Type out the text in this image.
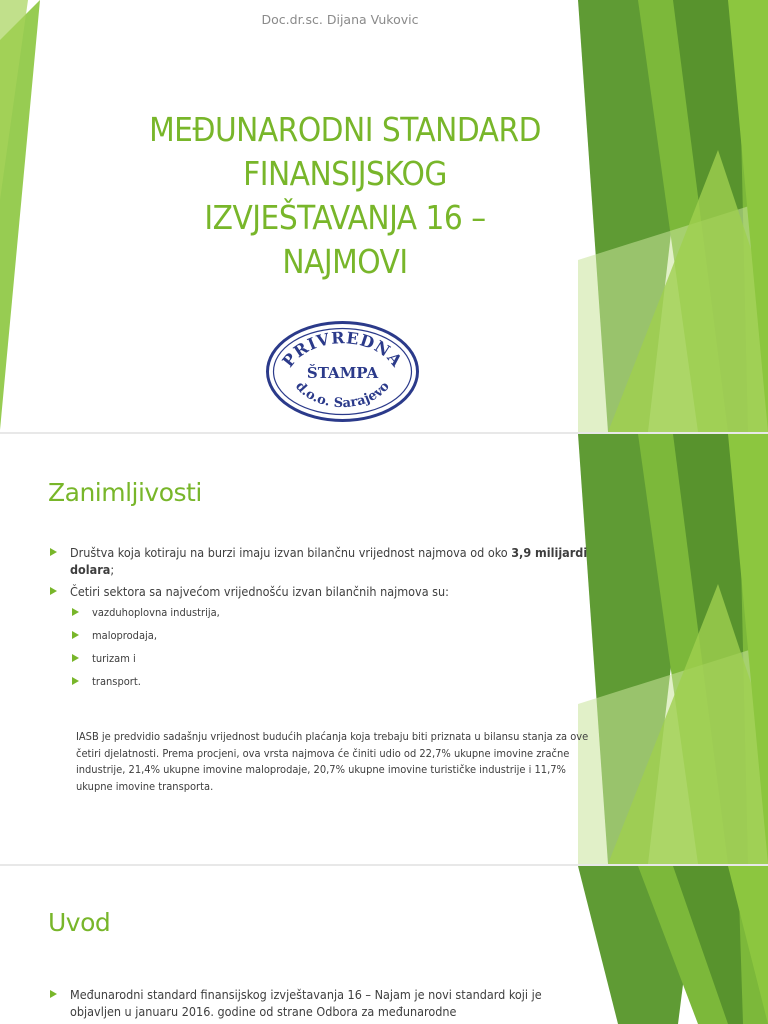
Doc.dr.sc. Dijana Vukovic
MEĐUNARODNI STANDARD
FINANSIJSKOG
IZVJEŠTAVANJA 16 –
NAJMOVI
PRIVREDNA
ŠTAMPA
d.o.o. Sarajevo
Zanimljivosti
Društva koja kotiraju na burzi imaju izvan bilančnu vrijednost najmova od oko 3,9 milijardi dolara;
Četiri sektora sa najvećom vrijednošću izvan bilančnih najmova su:
vazduhoplovna industrija,
maloprodaja,
turizam i
transport.

IASB je predvidio sadašnju vrijednost budućih plaćanja koja trebaju biti priznata u bilansu stanja za ove četiri djelatnosti. Prema procjeni, ova vrsta najmova će činiti udio od 22,7% ukupne imovine zračne industrije, 21,4% ukupne imovine maloprodaje, 20,7% ukupne imovine turističke industrije i 11,7% ukupne imovine transporta.

Uvod
Međunarodni standard finansijskog izvještavanja 16 – Najam je novi standard koji je objavljen u januaru 2016. godine od strane Odbora za međunarodne
